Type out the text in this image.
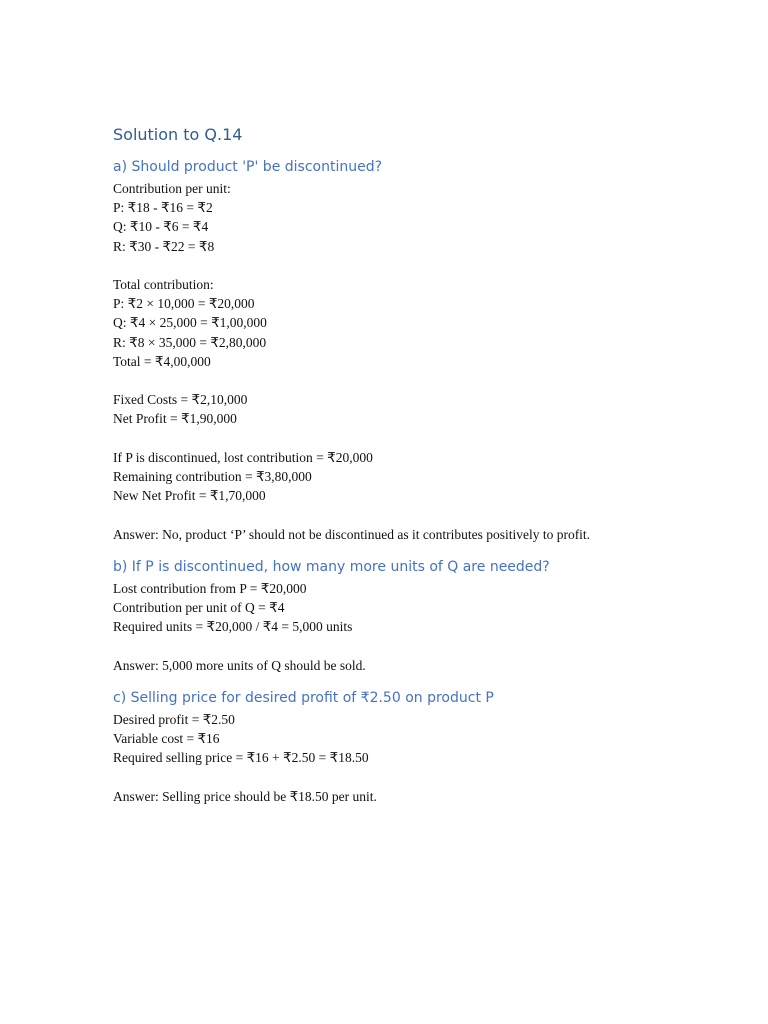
Solution to Q.14
a) Should product 'P' be discontinued?
Contribution per unit:
P: ₹18 - ₹16 = ₹2
Q: ₹10 - ₹6 = ₹4
R: ₹30 - ₹22 = ₹8
Total contribution:
P: ₹2 × 10,000 = ₹20,000
Q: ₹4 × 25,000 = ₹1,00,000
R: ₹8 × 35,000 = ₹2,80,000
Total = ₹4,00,000
Fixed Costs = ₹2,10,000
Net Profit = ₹1,90,000
If P is discontinued, lost contribution = ₹20,000
Remaining contribution = ₹3,80,000
New Net Profit = ₹1,70,000
Answer: No, product ‘P’ should not be discontinued as it contributes positively to profit.
b) If P is discontinued, how many more units of Q are needed?
Lost contribution from P = ₹20,000
Contribution per unit of Q = ₹4
Required units = ₹20,000 / ₹4 = 5,000 units
Answer: 5,000 more units of Q should be sold.
c) Selling price for desired profit of ₹2.50 on product P
Desired profit = ₹2.50
Variable cost = ₹16
Required selling price = ₹16 + ₹2.50 = ₹18.50
Answer: Selling price should be ₹18.50 per unit.
